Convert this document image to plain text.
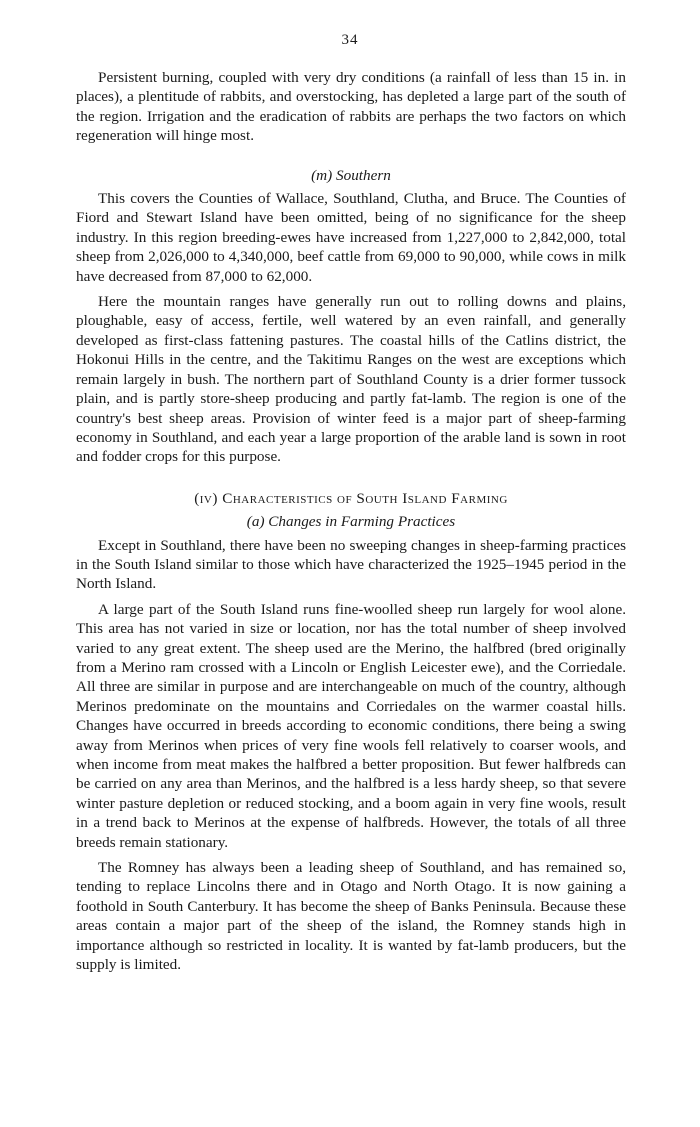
34

Persistent burning, coupled with very dry conditions (a rainfall of less than 15 in. in places), a plentitude of rabbits, and overstocking, has depleted a large part of the south of the region. Irrigation and the eradication of rabbits are perhaps the two factors on which regeneration will hinge most.

(m) Southern

This covers the Counties of Wallace, Southland, Clutha, and Bruce. The Counties of Fiord and Stewart Island have been omitted, being of no significance for the sheep industry. In this region breeding-ewes have increased from 1,227,000 to 2,842,000, total sheep from 2,026,000 to 4,340,000, beef cattle from 69,000 to 90,000, while cows in milk have decreased from 87,000 to 62,000.

Here the mountain ranges have generally run out to rolling downs and plains, ploughable, easy of access, fertile, well watered by an even rainfall, and generally developed as first-class fattening pastures. The coastal hills of the Catlins district, the Hokonui Hills in the centre, and the Takitimu Ranges on the west are exceptions which remain largely in bush. The northern part of Southland County is a drier former tussock plain, and is partly store-sheep producing and partly fat-lamb. The region is one of the country's best sheep areas. Provision of winter feed is a major part of sheep-farming economy in Southland, and each year a large proportion of the arable land is sown in root and fodder crops for this purpose.

(iv) Characteristics of South Island Farming
(a) Changes in Farming Practices

Except in Southland, there have been no sweeping changes in sheep-farming practices in the South Island similar to those which have characterized the 1925–1945 period in the North Island.

A large part of the South Island runs fine-woolled sheep run largely for wool alone. This area has not varied in size or location, nor has the total number of sheep involved varied to any great extent. The sheep used are the Merino, the halfbred (bred originally from a Merino ram crossed with a Lincoln or English Leicester ewe), and the Corriedale. All three are similar in purpose and are interchangeable on much of the country, although Merinos predominate on the mountains and Corriedales on the warmer coastal hills. Changes have occurred in breeds according to economic conditions, there being a swing away from Merinos when prices of very fine wools fell relatively to coarser wools, and when income from meat makes the halfbred a better proposition. But fewer halfbreds can be carried on any area than Merinos, and the halfbred is a less hardy sheep, so that severe winter pasture depletion or reduced stocking, and a boom again in very fine wools, result in a trend back to Merinos at the expense of halfbreds. However, the totals of all three breeds remain stationary.

The Romney has always been a leading sheep of Southland, and has remained so, tending to replace Lincolns there and in Otago and North Otago. It is now gaining a foothold in South Canterbury. It has become the sheep of Banks Peninsula. Because these areas contain a major part of the sheep of the island, the Romney stands high in importance although so restricted in locality. It is wanted by fat-lamb producers, but the supply is limited.
